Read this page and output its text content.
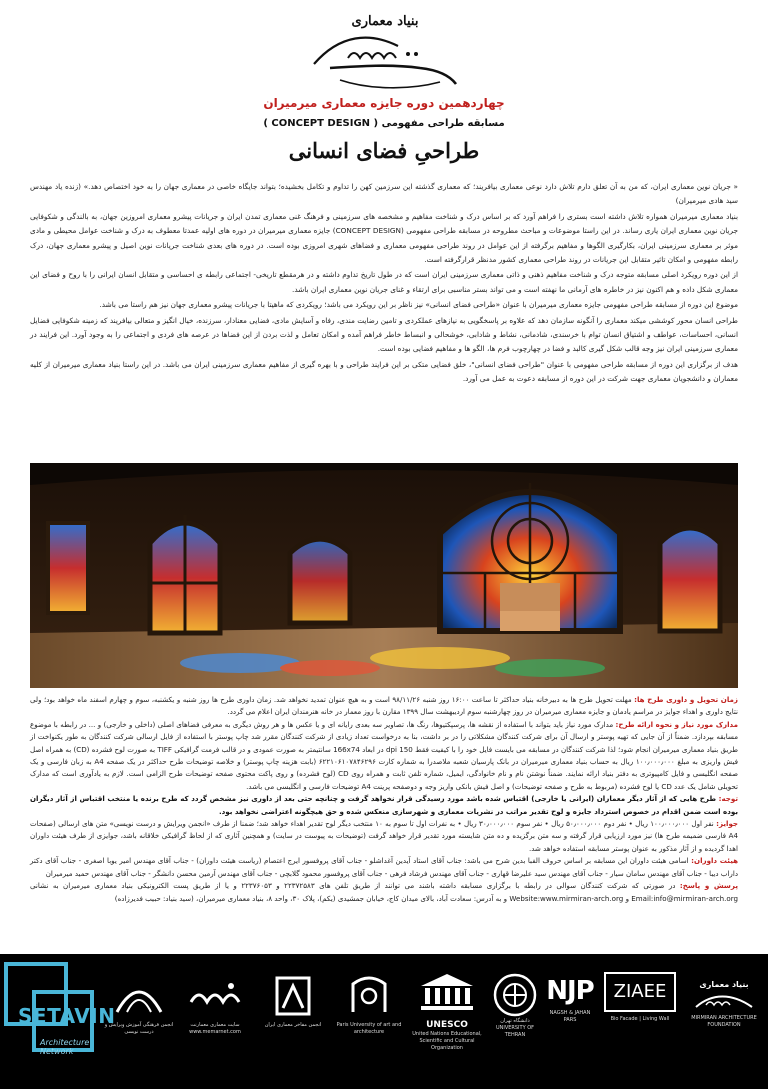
بنیاد معماری
چهاردهمین دوره جایزه معماری میرمیران
مسابقه طراحی مفهومی ( CONCEPT DESIGN )
طراحیِ فضای انسانی

« جریان نوین معماری ایران، که من به آن تعلق دارم تلاش دارد نوعی معماری بیافریند؛ که معماری گذشته این سرزمین کهن را تداوم و تکامل بخشیده؛ بتواند جایگاه خاصی در معماری جهان را به خود اختصاص دهد.» (زنده یاد مهندس سید هادی میرمیران)

بنیاد معماری میرمیران همواره تلاش داشته است بستری را فراهم آورد که بر اساس درک و شناخت مفاهیم و مشخصه های سرزمینی و فرهنگ غنی معماری تمدن ایران و جریانات پیشرو معماری امروزین جهان، به بالندگی و شکوفایی جریان نوین معماری ایران یاری رساند. در این راستا موضوعات و مباحث مطروحه در مسابقه طراحی مفهومی (CONCEPT DESIGN) جایزه معماری میرمیران در دوره های اولیه عمدتا معطوف به درک و شناخت عوامل محیطی و مادی موثر بر معماری سرزمینی ایران، بکارگیری الگوها و مفاهیم برگرفته از این عوامل در روند طراحی مفهومی معماری و فضاهای شهری امروزی بوده است. در دوره های بعدی شناخت جریانات نوین اصیل و پیشرو معماری جهان، درک رابطه مفهومی و امکان تاثیر متقابل این جریانات در روند طراحی معماری کشور مدنظر قرارگرفته است.

از این دوره رویکرد اصلی مسابقه متوجه درک و شناخت مفاهیم ذهنی و ذاتی معماری سرزمینی ایران است که در طول تاریخ تداوم داشته و در هرمقطع تاریخی- اجتماعی رابطه ی احساسی و متقابل انسان ایرانی را با روح و فضای این معماری شکل داده و هم اکنون نیز در خاطره های آرمانی ما نهفته است و می تواند بستر مناسبی برای ارتقاء و غنای جریان نوین معماری ایران باشد.

موضوع این دوره از مسابقه طراحی مفهومی جایزه معماری میرمیران با عنوان «طراحی فضای انسانی» نیز ناظر بر این رویکرد می باشد؛ رویکردی که ماهیتا با جریانات پیشرو معماری جهان نیز هم راستا می باشد.

طراحی انسان محور کوششی میکند معماری را آنگونه سازمان دهد که علاوه بر پاسخگویی به نیازهای عملکردی و تامین رضایت مندی، رفاه و آسایش مادی، فضایی معنادار، سرزنده، خیال انگیز و متعالی بیافریند که زمینه شکوفایی فضایل انسانی، احساسات، عواطف و اشتیاق انسان توام با خرسندی، شادمانی، نشاط و شادابی، خوشحالی و انبساط خاطر فراهم آمده و امکان تعامل و لذت بردن از این فضاها در عرصه های فردی و اجتماعی را به وجود آورد. این فرایند در معماری سرزمینی ایران نیز وجه قالب شکل گیری کالبد و فضا در چهارچوب فرم ها، الگو ها و مفاهیم فضایی بوده است.

هدف از برگزاری این دوره از مسابقه طراحی مفهومی با عنوان "طراحی فضای انسانی"، خلق فضایی متکی بر این فرایند طراحی و با بهره گیری از مفاهیم معماری سرزمینی ایران می باشد. در این راستا بنیاد معماری میرمیران از کلیه معماران و دانشجویان معماری جهت شرکت در این دوره از مسابقه دعوت به عمل می آورد.

زمان تحویل و داوری طرح ها: مهلت تحویل طرح ها به دبیرخانه بنیاد حداکثر تا ساعت ۱۶:۰۰ روز شنبه ۹۸/۱۱/۲۶ است و به هیچ عنوان تمدید نخواهد شد. زمان داوری طرح ها روز شنبه و یکشنبه، سوم و چهارم اسفند ماه خواهد بود؛ ولی نتایج داوری و اهداء جوایز در مراسم یادمان و جایزه معماری میرمیران در روز چهارشنبه سوم اردیبهشت سال ۱۳۹۹ مقارن با روز معمار در خانه هنرمندان ایران اعلام می گردد.

مدارک مورد نیاز و نحوه ارائه طرح: مدارک مورد نیاز باید بتواند با استفاده از نقشه ها، پرسپکتیوها، رنگ ها، تصاویر سه بعدی رایانه ای و یا عکس ها و هر روش دیگری به معرفی فضاهای اصلی (داخلی و خارجی) و ... در رابطه با موضوع مسابقه بپردازد. ضمناً از آن جایی که تهیه پوستر و ارسال آن برای شرکت کنندگان مشکلاتی را در بر داشت، بنا به درخواست تعداد زیادی از شرکت کنندگان مقرر شد چاپ پوستر با استفاده از فایل ارسالی شرکت کنندگان به طور یکنواخت از طریق بنیاد معماری میرمیران انجام شود؛ لذا شرکت کنندگان در مسابقه می بایست فایل خود را با کیفیت فقط 150 dpi در ابعاد 166x74 سانتیمتر به صورت عمودی و در قالب فرمت گرافیکی TIFF به صورت لوح فشرده (CD) به همراه اصل فیش واریزی به مبلغ ۱۰۰٫۰۰۰٫۰۰۰ ریال به حساب بنیاد معماری میرمیران در بانک پارسیان شعبه ملاصدرا به شماره کارت ۶۲۲۱۰۶۱۰۷۸۴۶۲۹۶ (بابت هزینه چاپ پوستر) و خلاصه توضیحات طرح حداکثر در یک صفحه A4 به زبان فارسی و یک صفحه انگلیسی و فایل کامپیوتری به دفتر بنیاد ارائه نمایند. ضمناً نوشتن نام و نام خانوادگی، ایمیل، شماره تلفن ثابت و همراه روی CD (لوح فشرده) و روی پاکت محتوی صفحه توضیحات طرح الزامی است. لازم به یادآوری است که مدارک تحویلی شامل یک عدد CD یا لوح فشرده (مربوط به طرح و صفحه توضیحات) و اصل فیش بانکی واریز وجه و دوصفحه پرینت A4 توضیحات فارسی و انگلیسی می باشد.

توجه: طرح هایی که از آثار دیگر معماران (ایرانی یا خارجی) اقتباس شده باشد مورد رسیدگی قرار نخواهد گرفت و چنانچه حتی بعد از داوری نیز مشخص گردد که طرح برنده یا منتخب اقتباس از آثار دیگران بوده است ضمن اقدام در خصوص استرداد جایزه و لوح تقدیر مراتب در نشریات معماری و شهرسازی منعکس شده و حق هیچگونه اعتراضی نخواهد بود.

جوایز: نفر اول ۱۰۰٫۰۰۰٫۰۰۰ ریال • نفر دوم ۵۰٫۰۰۰٫۰۰۰ ریال • نفر سوم ۳۰٫۰۰۰٫۰۰۰ ریال • به نفرات اول تا سوم به ۱۰ منتخب دیگر لوح تقدیر اهداء خواهد شد؛ ضمنا از طرف «انجمن ویرایش و درست نویسی» متن های ارسالی (صفحات A4 فارسی ضمیمه طرح ها) نیز مورد ارزیابی قرار گرفته و سه متن برگزیده و ده متن شایسته مورد تقدیر قرار خواهد گرفت (توضیحات به پیوست در سایت) و همچنین آثاری که از لحاظ گرافیکی خلاقانه باشد، جوایزی از طرف هیئت داوران اهدا گردیده و از آثار مذکور به عنوان پوستر مسابقه استفاده خواهد شد.

هیئت داوران: اسامی هیئت داوران این مسابقه بر اساس حروف الفبا بدین شرح می باشد: جناب آقای استاد آیدین آغداشلو - جناب آقای پروفسور ایرج اعتصام (ریاست هیئت داوران) - جناب آقای مهندس امیر یوبا اصغری - جناب آقای دکتر داراب دیبا - جناب آقای مهندس سامان سیار - جناب آقای مهندس سید علیرضا قهاری - جناب آقای مهندس فرشاد فرهی - جناب آقای پروفسور محمود گلابچی - جناب آقای مهندس آرمین محسن دانشگر - جناب آقای مهندس حمید میرمیران

پرسش و پاسخ: در صورتی که شرکت کنندگان سوالی در رابطه با برگزاری مسابقه داشته باشند می توانند از طریق تلفن های ۲۲۳۷۲۵۸۳ و ۲۲۳۷۶۰۵۳ و یا از طریق پست الکترونیکی بنیاد معماری میرمیران به نشانی Email:info@mirmiran-arch.org و Website:www.mirmiran-arch.org و به آدرس: سعادت آباد، بالای میدان کاج، خیابان جمشیدی (یکم)، پلاک ۳۰، واحد ۸، بنیاد معماری میرمیران، (سید بنیاد: حبیب فدیرزاده)

SETAVIN
Architecture Network
انجمن فرهنگی آموزش ویرایش و درست نویسی
سایت معماری معمارنت www.memarnet.com
انجمن مفاخر معماری ایران	Paris University of art and architecture
UNESCO
United Nations Educational, Scientific and Cultural Organization
دانشگاه تهران UNIVERSITY OF TEHRAN
NJP
NAGSH & JAHAN PARS
ZIAEE
Bio Facade | Living Wall
بنیاد معماری
MIRMIRAN ARCHITECTURE FOUNDATION
